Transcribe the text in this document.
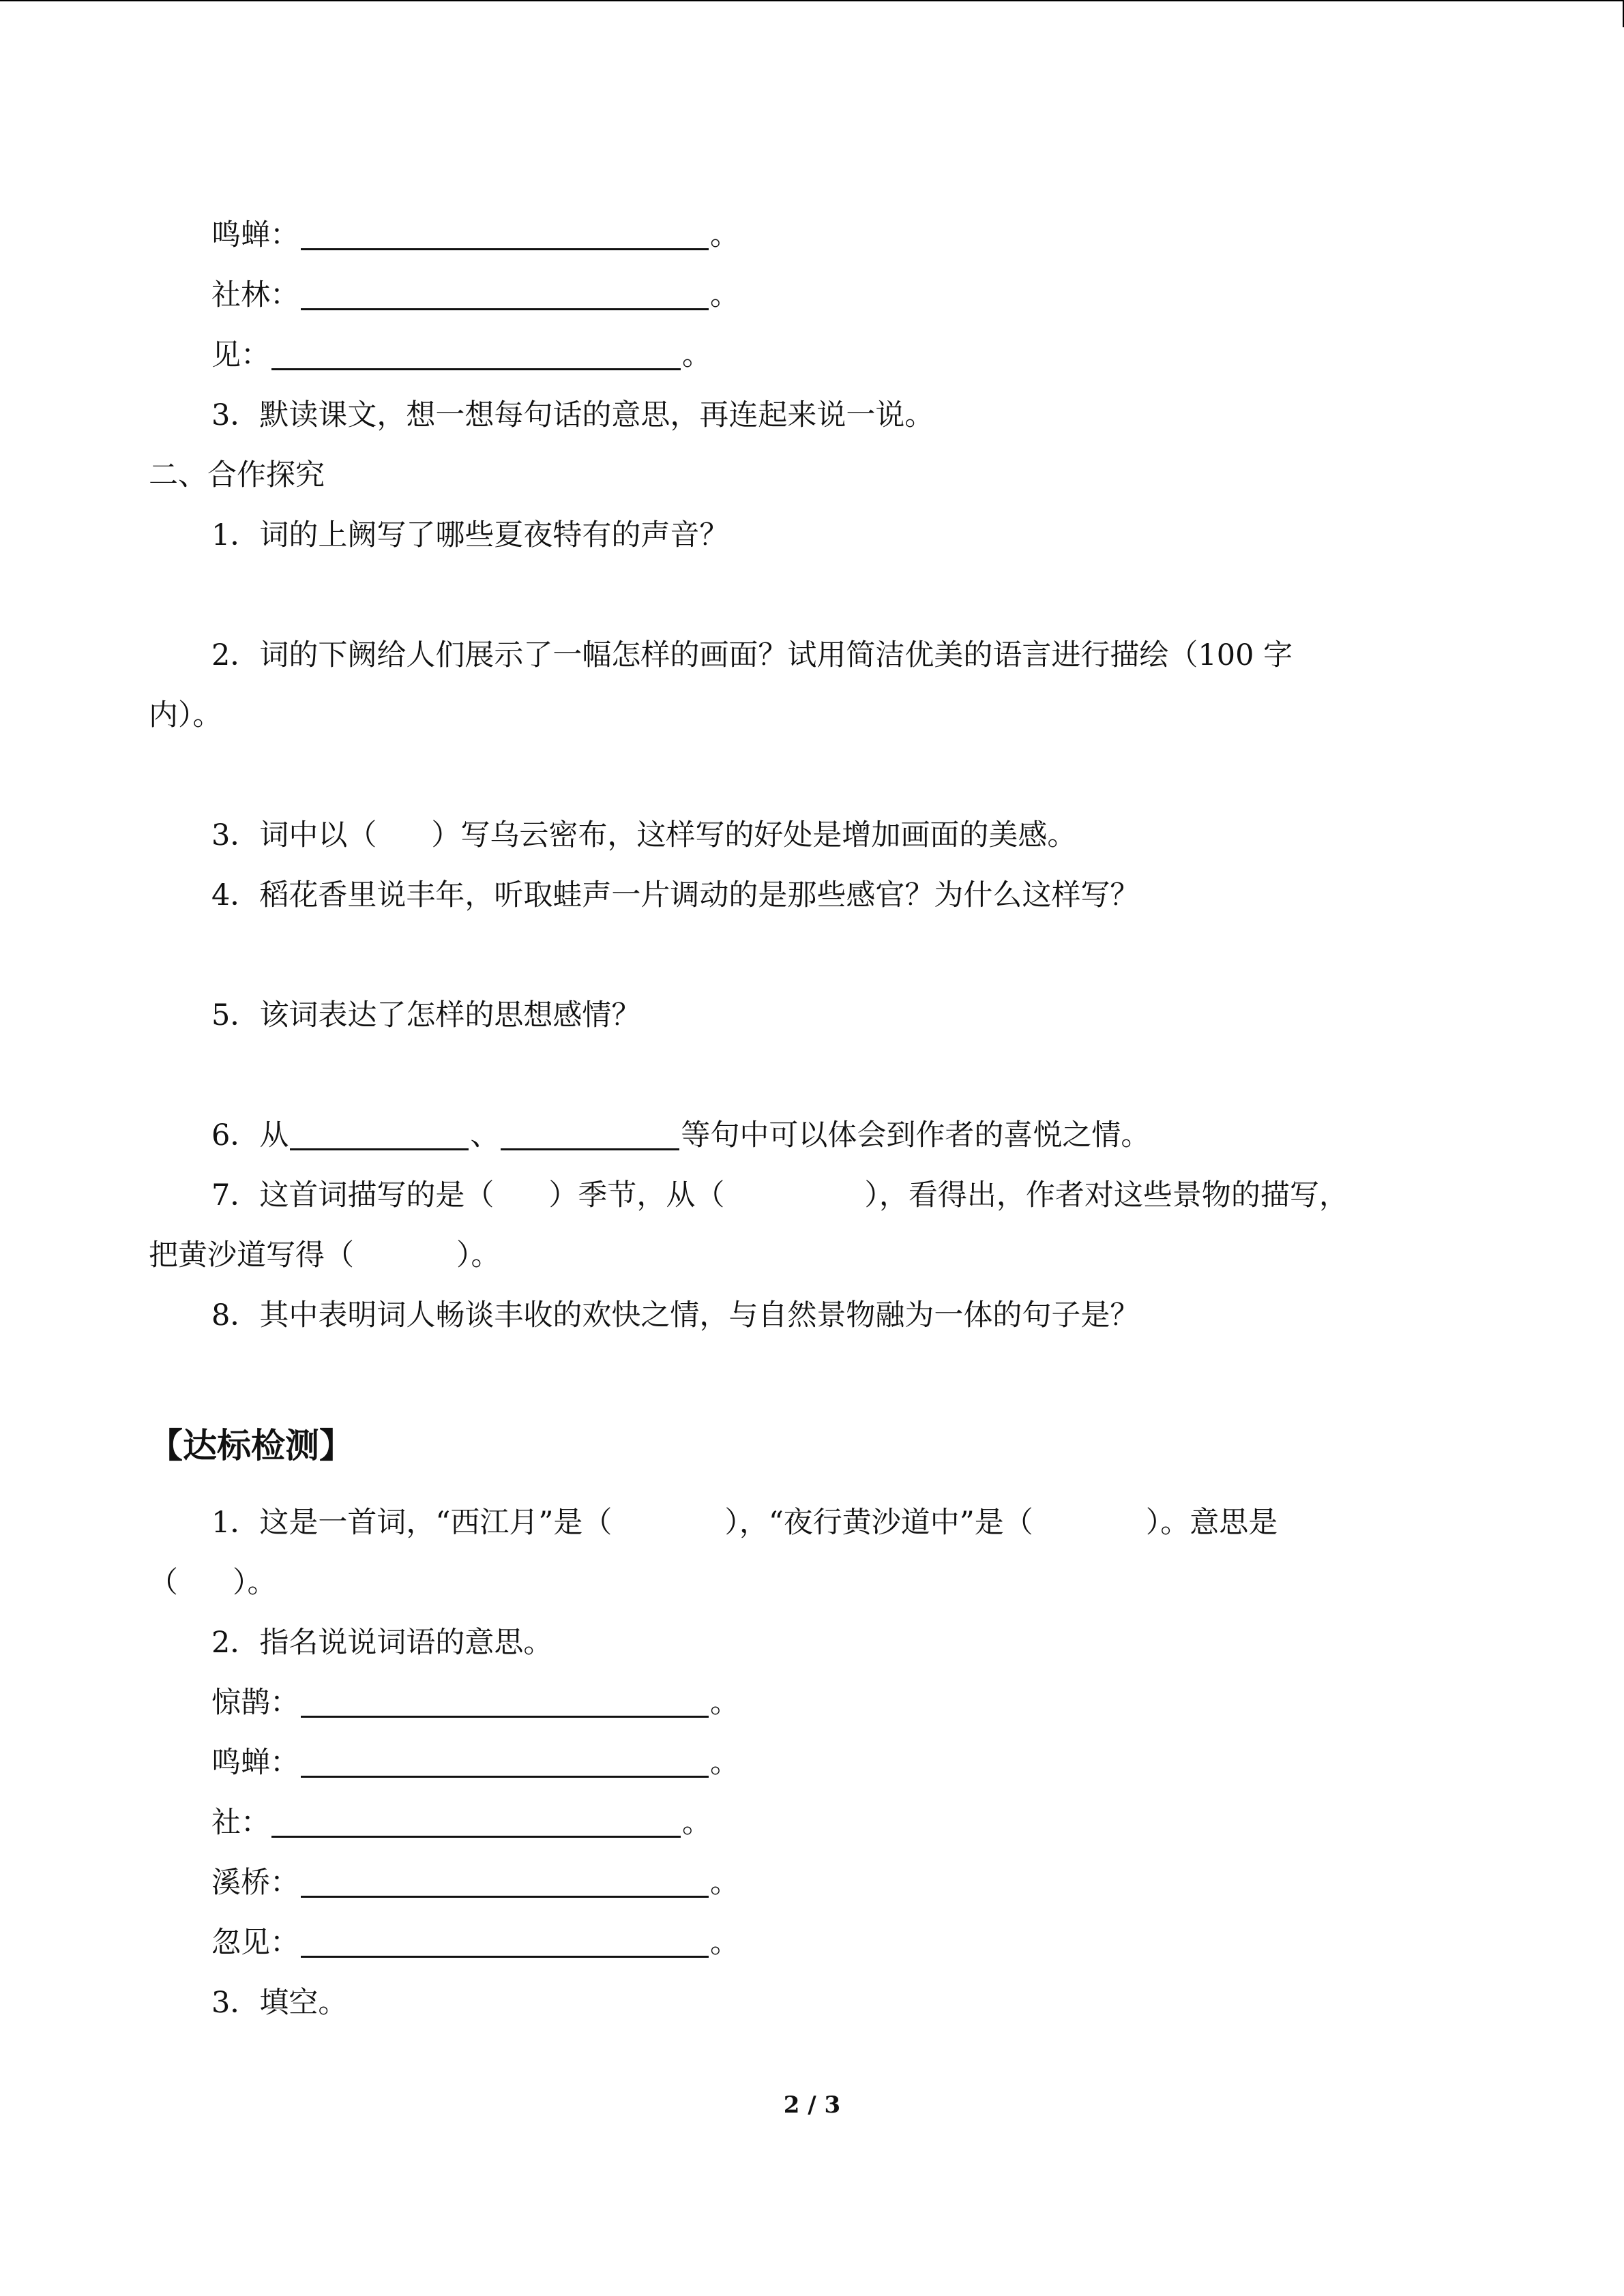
鸣蝉：	。
社林：	。
见：	。
3．默读课文，想一想每句话的意思，再连起来说一说。
二、合作探究
1．词的上阙写了哪些夏夜特有的声音？
2．词的下阙给人们展示了一幅怎样的画面？试用简洁优美的语言进行描绘（100 字
内）。
3．词中以（ ）写乌云密布，这样写的好处是增加画面的美感。
4．稻花香里说丰年，听取蛙声一片调动的是那些感官？为什么这样写？
5．该词表达了怎样的思想感情？
6．从	、	等句中可以体会到作者的喜悦之情。
7．这首词描写的是（ ）季节，从（	），看得出，作者对这些景物的描写，
把黄沙道写得（	）。
8．其中表明词人畅谈丰收的欢快之情，与自然景物融为一体的句子是？
【达标检测】
1．这是一首词，“西江月”是（	），“夜行黄沙道中”是（	）。意思是
（ ）。
2．指名说说词语的意思。
惊鹊：	。
鸣蝉：	。
社：	。
溪桥：	。
忽见：	。
3．填空。
2 / 3
